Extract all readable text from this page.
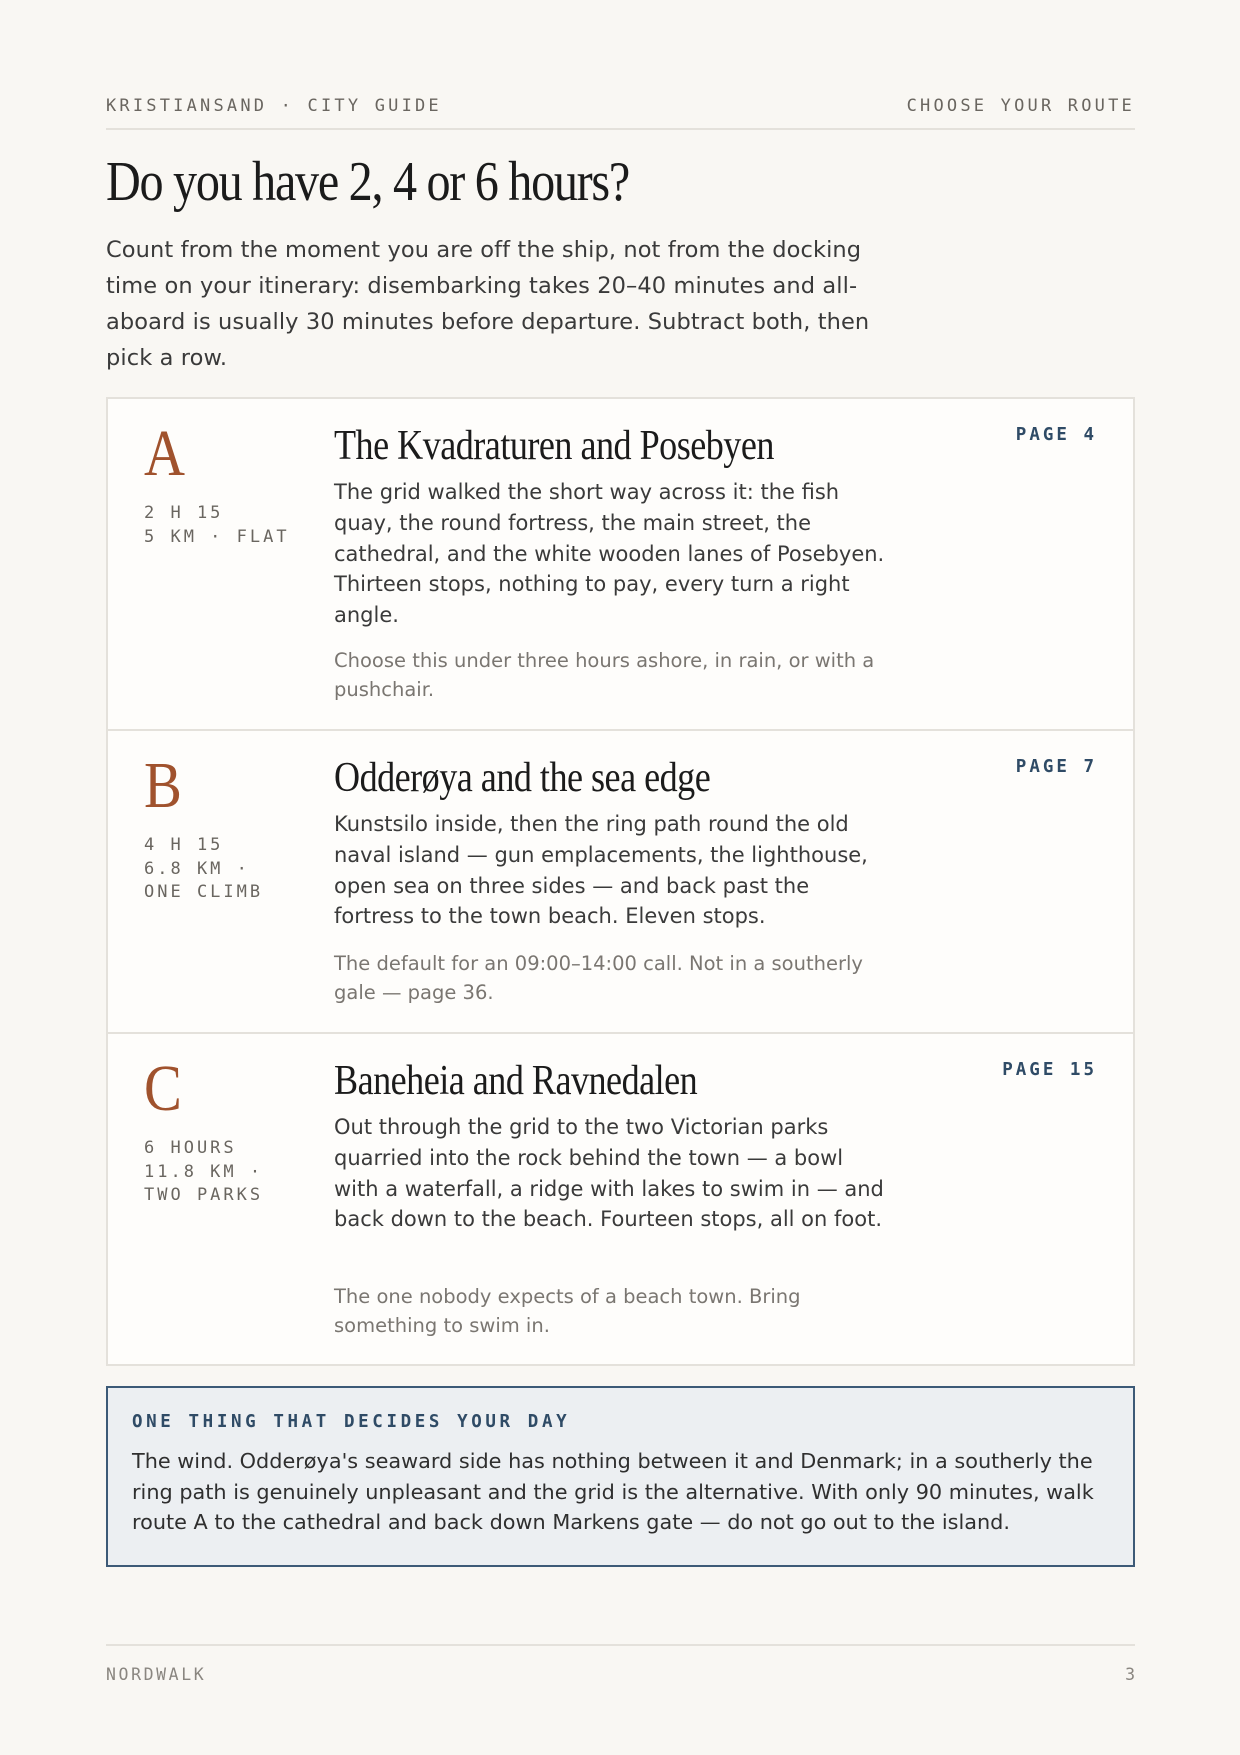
KRISTIANSAND · CITY GUIDE	CHOOSE YOUR ROUTE
Do you have 2, 4 or 6 hours?

Count from the moment you are off the ship, not from the docking time on your itinerary: disembarking takes 20–40 minutes and all-aboard is usually 30 minutes before departure. Subtract both, then pick a row.

A
2 H 15
5 KM · FLAT
The Kvadraturen and Posebyen

The grid walked the short way across it: the fish quay, the round fortress, the main street, the cathedral, and the white wooden lanes of Posebyen. Thirteen stops, nothing to pay, every turn a right angle.

Choose this under three hours ashore, in rain, or with a pushchair.

PAGE 4
B
4 H 15
6.8 KM ·
ONE CLIMB
Odderøya and the sea edge

Kunstsilo inside, then the ring path round the old naval island — gun emplacements, the lighthouse, open sea on three sides — and back past the fortress to the town beach. Eleven stops.

The default for an 09:00–14:00 call. Not in a southerly gale — page 36.

PAGE 7
C
6 HOURS
11.8 KM ·
TWO PARKS
Baneheia and Ravnedalen

Out through the grid to the two Victorian parks quarried into the rock behind the town — a bowl with a waterfall, a ridge with lakes to swim in — and back down to the beach. Fourteen stops, all on foot.

The one nobody expects of a beach town. Bring something to swim in.

PAGE 15

ONE THING THAT DECIDES YOUR DAY

The wind. Odderøya's seaward side has nothing between it and Denmark; in a southerly the ring path is genuinely unpleasant and the grid is the alternative. With only 90 minutes, walk route A to the cathedral and back down Markens gate — do not go out to the island.

NORDWALK	3
